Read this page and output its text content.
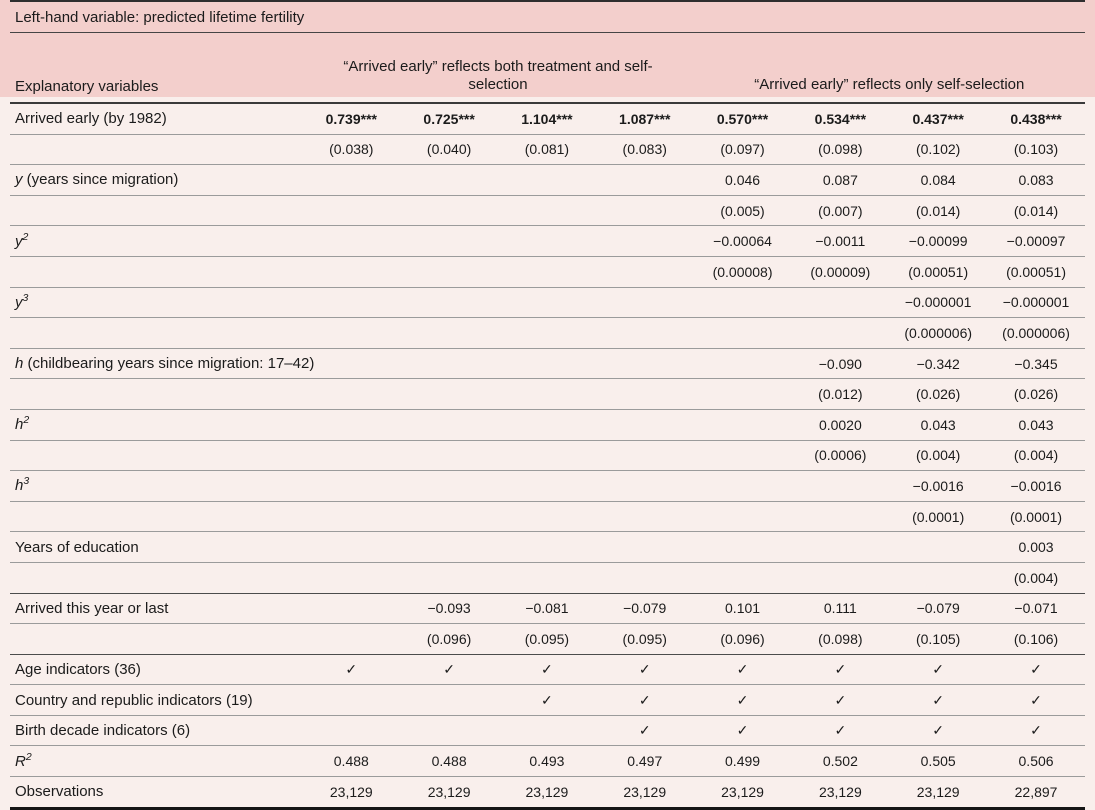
Left-hand variable: predicted lifetime fertility
Explanatory variables	“Arrived early” reflects both treatment and self-selection				“Arrived early” reflects only self-selection			
Arrived early (by 1982)	0.739***	0.725***	1.104***	1.087***	0.570***	0.534***	0.437***	0.438***
	(0.038)	(0.040)	(0.081)	(0.083)	(0.097)	(0.098)	(0.102)	(0.103)
y (years since migration)					0.046	0.087	0.084	0.083
					(0.005)	(0.007)	(0.014)	(0.014)
$y^2$					−0.00064	−0.0011	−0.00099	−0.00097
					(0.00008)	(0.00009)	(0.00051)	(0.00051)
$y^3$							−0.000001	−0.000001
							(0.000006)	(0.000006)
h (childbearing years since migration: 17–42)						−0.090	−0.342	−0.345
						(0.012)	(0.026)	(0.026)
$h^2$						0.0020	0.043	0.043
						(0.0006)	(0.004)	(0.004)
$h^3$							−0.0016	−0.0016
							(0.0001)	(0.0001)
Years of education								0.003
								(0.004)
Arrived this year or last		−0.093	−0.081	−0.079	0.101	0.111	−0.079	−0.071
		(0.096)	(0.095)	(0.095)	(0.096)	(0.098)	(0.105)	(0.106)
Age indicators (36)	✓	✓	✓	✓	✓	✓	✓	✓
Country and republic indicators (19)			✓	✓	✓	✓	✓	✓
Birth decade indicators (6)				✓	✓	✓	✓	✓
$R^2$	0.488	0.488	0.493	0.497	0.499	0.502	0.505	0.506
Observations	23,129	23,129	23,129	23,129	23,129	23,129	23,129	22,897
